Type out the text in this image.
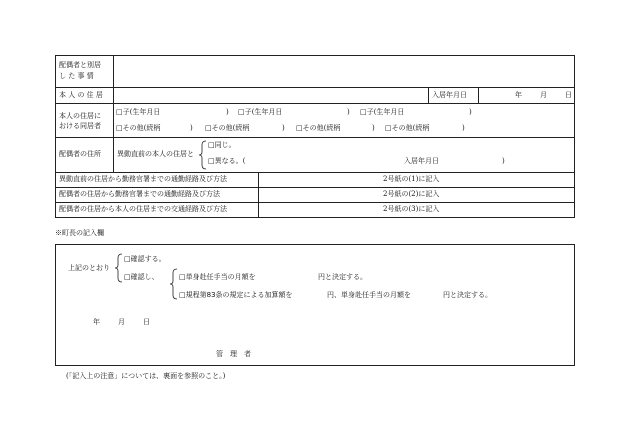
配偶者と別居
し た 事 情
本 人 の 住 居	入居年月日	年	月	日
本人の住居に
おける同居者
□子(生年月日	) □子(生年月日	) □子(生年月日	)
□その他(続柄	) □その他(続柄	) □その他(続柄	) □その他(続柄	)
配偶者の住所 異動直前の本人の住居と
□同じ。
□異なる。(	入居年月日	)
異動直前の住居から勤務官署までの通勤経路及び方法	2号紙の(1)に記入
配偶者の住居から勤務官署までの通勤経路及び方法	2号紙の(2)に記入
配偶者の住居から本人の住居までの交通経路及び方法	2号紙の(3)に記入
※町長の記入欄
上記のとおり
□確認する。
□確認し、	□単身赴任手当の月額を	円と決定する。
□規程第83条の規定による加算額を	円、単身赴任手当の月額を	円と決定する。
年	月	日
管　理　者
(「記入上の注意」については、裏面を参照のこと。)
